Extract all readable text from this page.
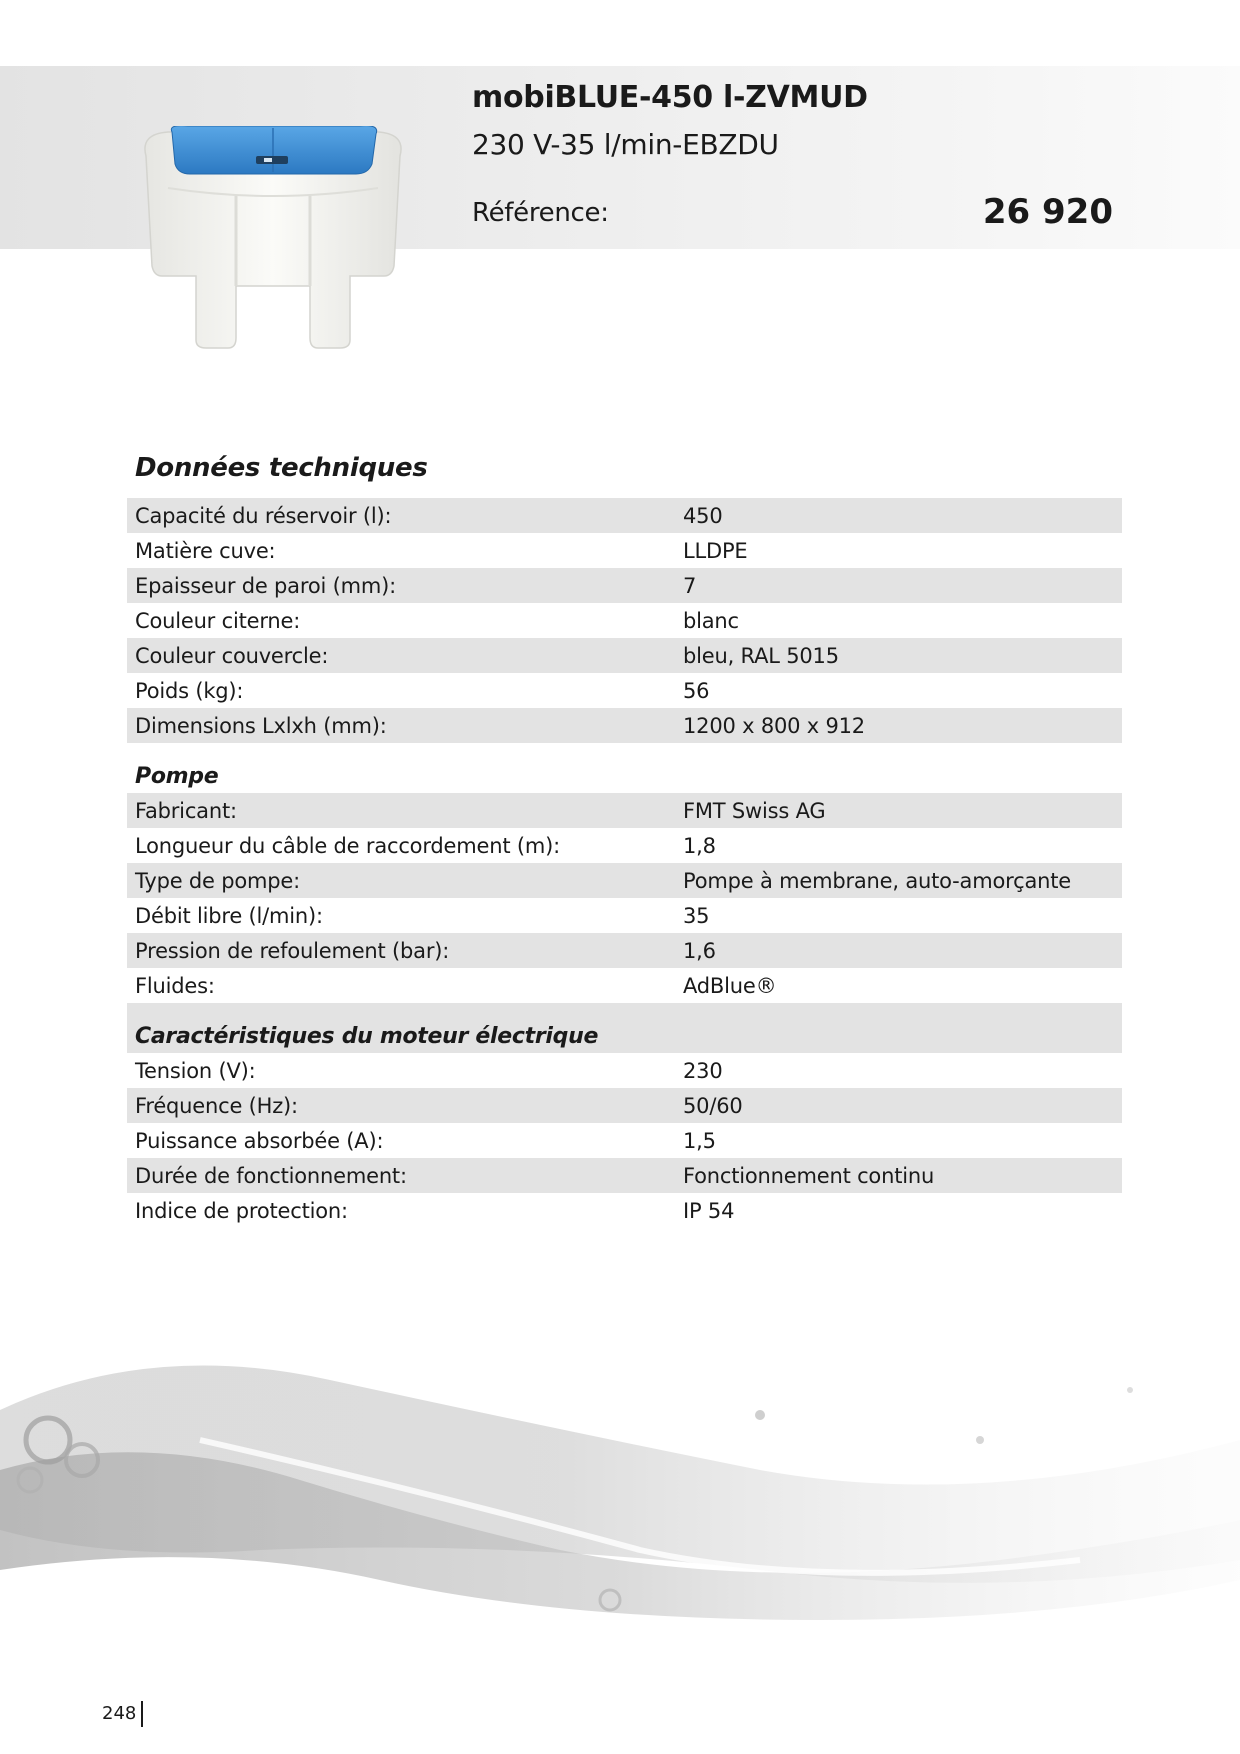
mobiBLUE-450 l-ZVMUD
230 V-35 l/min-EBZDU
Référence:	26 920
Données techniques
Capacité du réservoir (l):	450
Matière cuve:	LLDPE
Epaisseur de paroi (mm):	7
Couleur citerne:	blanc
Couleur couvercle:	bleu, RAL 5015
Poids (kg):	56
Dimensions Lxlxh (mm):	1200 x 800 x 912
Pompe
Fabricant:	FMT Swiss AG
Longueur du câble de raccordement (m):	1,8
Type de pompe:	Pompe à membrane, auto-amorçante
Débit libre (l/min):	35
Pression de refoulement (bar):	1,6
Fluides:	AdBlue®
Caractéristiques du moteur électrique
Tension (V):	230
Fréquence (Hz):	50/60
Puissance absorbée (A):	1,5
Durée de fonctionnement:	Fonctionnement continu
Indice de protection:	IP 54
248
